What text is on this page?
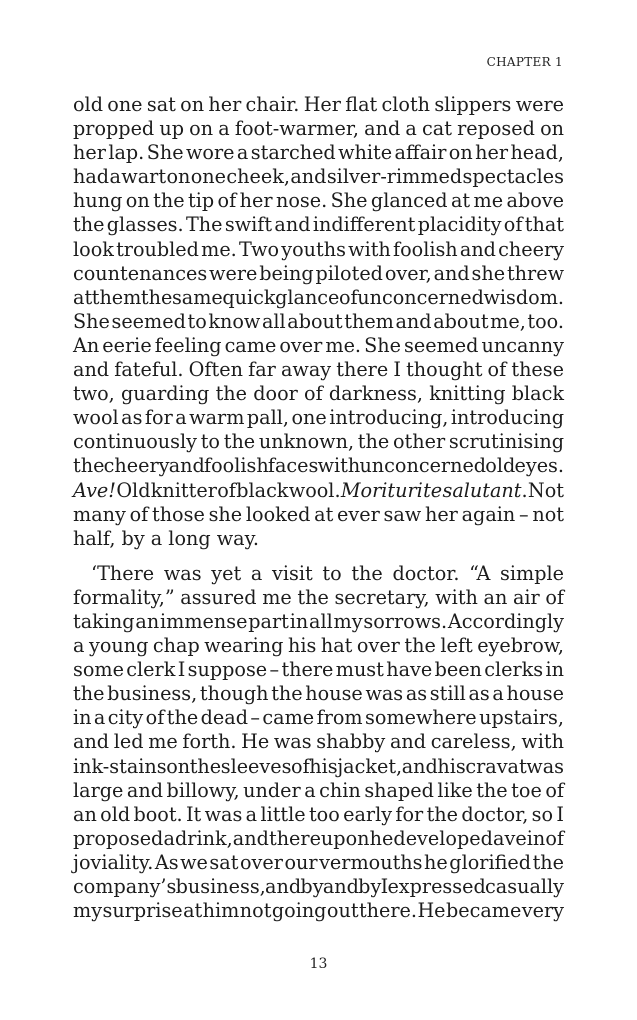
CHAPTER 1
old one sat on her chair. Her flat cloth slippers were
propped up on a foot-warmer, and a cat reposed on
her lap. She wore a starched white affair on her head,
had a wart on one cheek, and silver-rimmed spectacles
hung on the tip of her nose. She glanced at me above
the glasses. The swift and indifferent placidity of that
look troubled me. Two youths with foolish and cheery
countenances were being piloted over, and she threw
at them the same quick glance of unconcerned wisdom.
She seemed to know all about them and about me, too.
An eerie feeling came over me. She seemed uncanny
and fateful. Often far away there I thought of these
two, guarding the door of darkness, knitting black
wool as for a warm pall, one introducing, introducing
continuously to the unknown, the other scrutinising
the cheery and foolish faces with unconcerned old eyes.
Ave! Old knitter of black wool. Morituri te salutant. Not
many of those she looked at ever saw her again – not
half, by a long way.
‘There was yet a visit to the doctor. “A simple
formality,” assured me the secretary, with an air of
taking an immense part in all my sorrows. Accordingly
a young chap wearing his hat over the left eyebrow,
some clerk I suppose – there must have been clerks in
the business, though the house was as still as a house
in a city of the dead – came from somewhere upstairs,
and led me forth. He was shabby and careless, with
ink-stains on the sleeves of his jacket, and his cravat was
large and billowy, under a chin shaped like the toe of
an old boot. It was a little too early for the doctor, so I
proposed a drink, and thereupon he developed a vein of
joviality. As we sat over our vermouths he glorified the
company’s business, and by and by I expressed casually
my surprise at him not going out there. He became very
13
